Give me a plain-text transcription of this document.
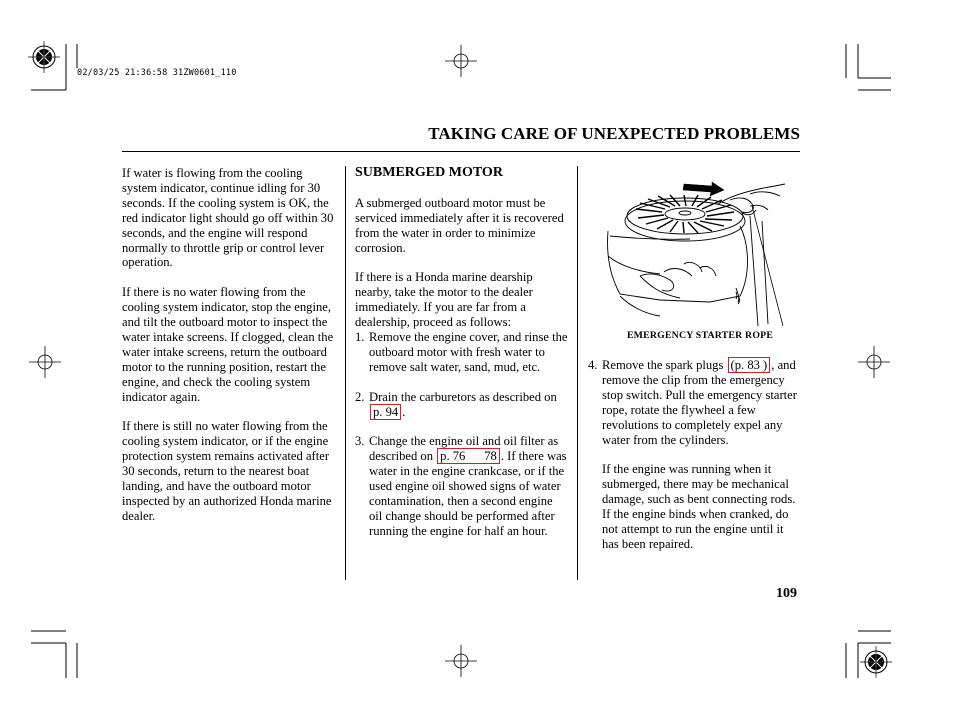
02/03/25 21:36:58 31ZW0601_110
TAKING CARE OF UNEXPECTED PROBLEMS

If water is flowing from the cooling system indicator, continue idling for 30 seconds. If the cooling system is OK, the red indicator light should go off within 30 seconds, and the engine will respond normally to throttle grip or control lever operation.

If there is no water flowing from the cooling system indicator, stop the engine, and tilt the outboard motor to inspect the water intake screens. If clogged, clean the water intake screens, return the outboard motor to the running position, restart the engine, and check the cooling system indicator again.

If there is still no water flowing from the cooling system indicator, or if the engine protection system remains activated after 30 seconds, return to the nearest boat landing, and have the outboard motor inspected by an authorized Honda marine dealer.

SUBMERGED MOTOR

A submerged outboard motor must be serviced immediately after it is recovered from the water in order to minimize corrosion.

If there is a Honda marine dearship nearby, take the motor to the dealer immediately. If you are far from a dealership, proceed as follows:

1. Remove the engine cover, and rinse the outboard motor with fresh water to remove salt water, sand, mud, etc.
2. Drain the carburetors as described on p. 94 .
3. Change the engine oil and oil filter as described on p. 76      78 . If there was water in the engine crankcase, or if the used engine oil showed signs of water contamination, then a second engine oil change should be performed after running the engine for half an hour.
EMERGENCY STARTER ROPE
4. Remove the spark plugs (p. 83 ) , and remove the clip from the emergency stop switch. Pull the emergency starter rope, rotate the flywheel a few revolutions to completely expel any water from the cylinders.
If the engine was running when it submerged, there may be mechanical damage, such as bent connecting rods. If the engine binds when cranked, do not attempt to run the engine until it has been repaired.
109
